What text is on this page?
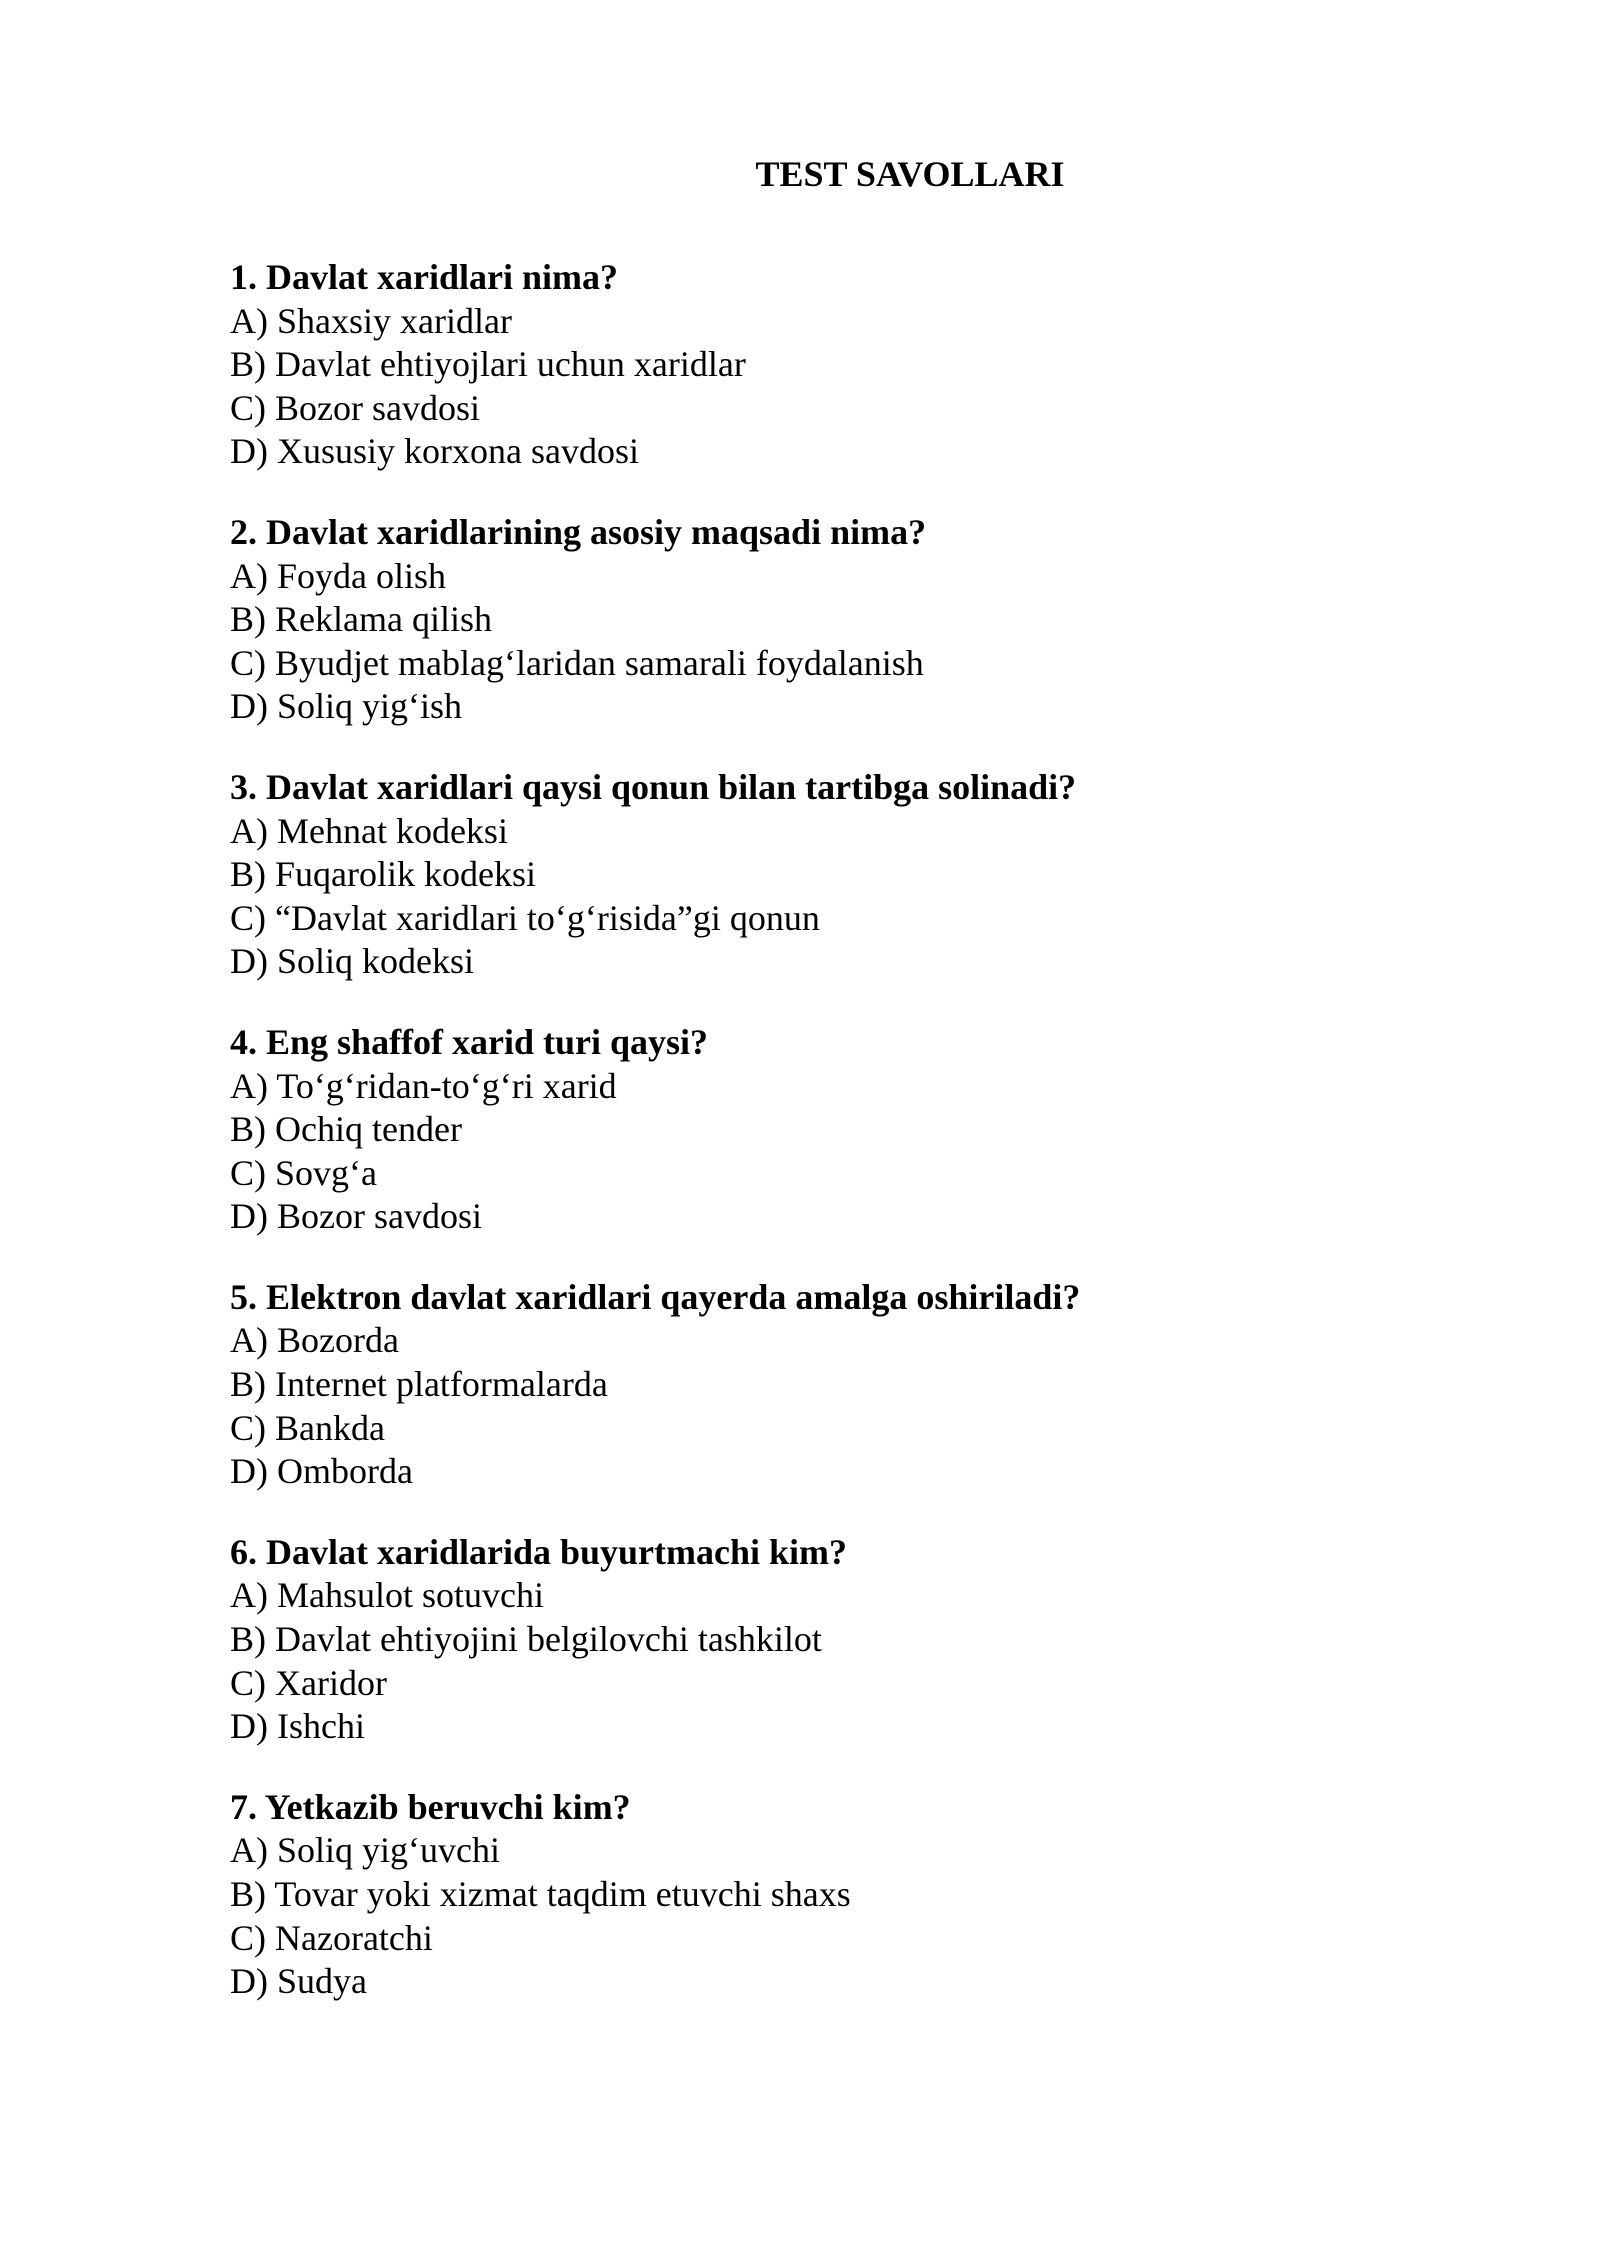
TEST SAVOLLARI

1. Davlat xaridlari nima?

A) Shaxsiy xaridlar
B) Davlat ehtiyojlari uchun xaridlar
C) Bozor savdosi
D) Xususiy korxona savdosi

2. Davlat xaridlarining asosiy maqsadi nima?

A) Foyda olish
B) Reklama qilish
C) Byudjet mablag‘laridan samarali foydalanish
D) Soliq yig‘ish

3. Davlat xaridlari qaysi qonun bilan tartibga solinadi?

A) Mehnat kodeksi
B) Fuqarolik kodeksi
C) “Davlat xaridlari to‘g‘risida”gi qonun
D) Soliq kodeksi

4. Eng shaffof xarid turi qaysi?

A) To‘g‘ridan-to‘g‘ri xarid
B) Ochiq tender
C) Sovg‘a
D) Bozor savdosi

5. Elektron davlat xaridlari qayerda amalga oshiriladi?

A) Bozorda
B) Internet platformalarda
C) Bankda
D) Omborda

6. Davlat xaridlarida buyurtmachi kim?

A) Mahsulot sotuvchi
B) Davlat ehtiyojini belgilovchi tashkilot
C) Xaridor
D) Ishchi

7. Yetkazib beruvchi kim?

A) Soliq yig‘uvchi
B) Tovar yoki xizmat taqdim etuvchi shaxs
C) Nazoratchi
D) Sudya
